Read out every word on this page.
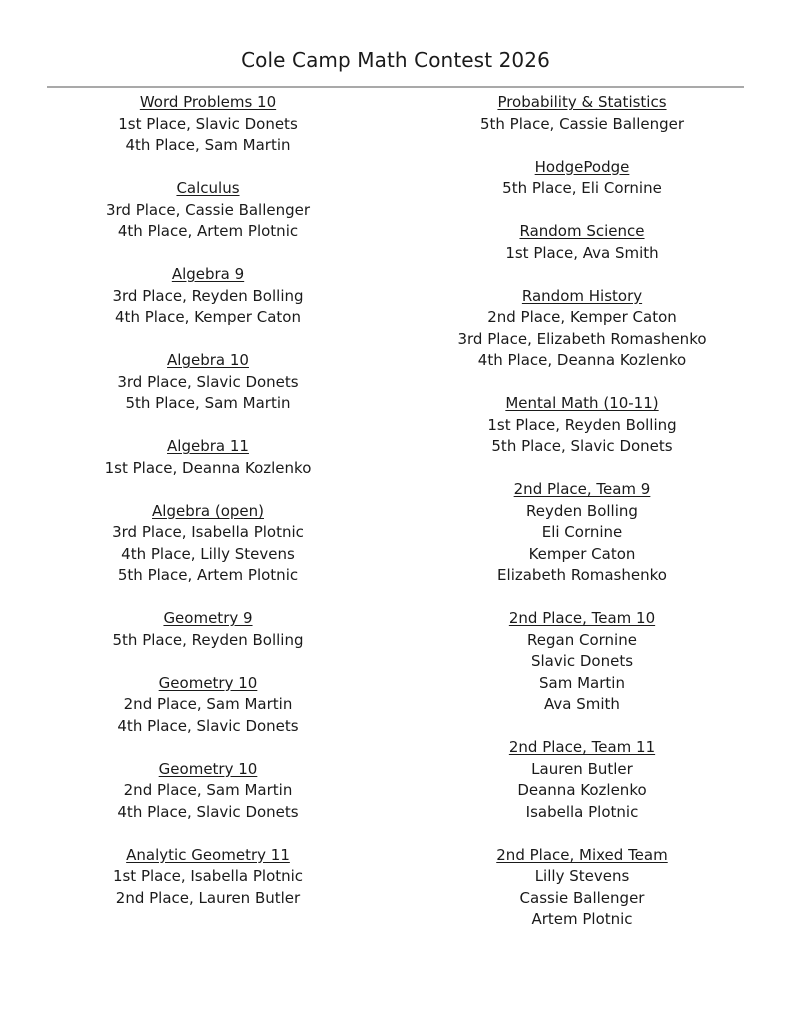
Cole Camp Math Contest 2026
Word Problems 10
1st Place, Slavic Donets
4th Place, Sam Martin
Calculus
3rd Place, Cassie Ballenger
4th Place, Artem Plotnic
Algebra 9
3rd Place, Reyden Bolling
4th Place, Kemper Caton
Algebra 10
3rd Place, Slavic Donets
5th Place, Sam Martin
Algebra 11
1st Place, Deanna Kozlenko
Algebra (open)
3rd Place, Isabella Plotnic
4th Place, Lilly Stevens
5th Place, Artem Plotnic
Geometry 9
5th Place, Reyden Bolling
Geometry 10
2nd Place, Sam Martin
4th Place, Slavic Donets
Geometry 10
2nd Place, Sam Martin
4th Place, Slavic Donets
Analytic Geometry 11
1st Place, Isabella Plotnic
2nd Place, Lauren Butler
Probability & Statistics
5th Place, Cassie Ballenger
HodgePodge
5th Place, Eli Cornine
Random Science
1st Place, Ava Smith
Random History
2nd Place, Kemper Caton
3rd Place, Elizabeth Romashenko
4th Place, Deanna Kozlenko
Mental Math (10-11)
1st Place, Reyden Bolling
5th Place, Slavic Donets
2nd Place, Team 9
Reyden Bolling
Eli Cornine
Kemper Caton
Elizabeth Romashenko
2nd Place, Team 10
Regan Cornine
Slavic Donets
Sam Martin
Ava Smith
2nd Place, Team 11
Lauren Butler
Deanna Kozlenko
Isabella Plotnic
2nd Place, Mixed Team
Lilly Stevens
Cassie Ballenger
Artem Plotnic
